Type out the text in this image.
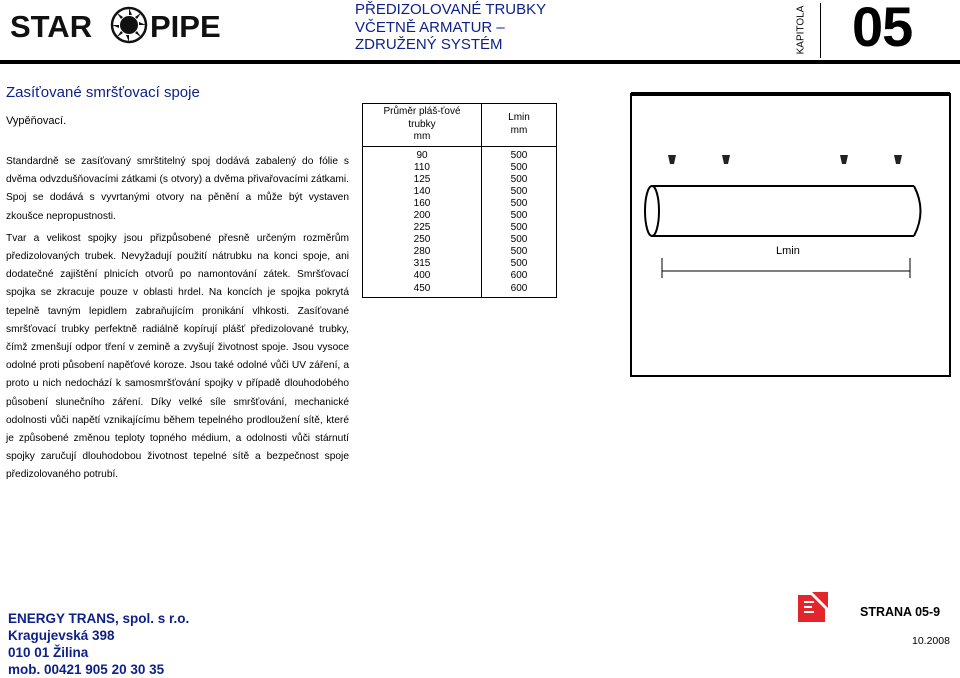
STAR PIPE	PŘEDIZOLOVANÉ TRUBKY
VČETNĚ ARMATUR –
ZDRUŽENÝ SYSTÉM	KAPITOLA 05
Zasíťované smršťovací spoje
Vypěňovací.

Standardně se zasíťovaný smrštitelný spoj dodává zabalený do fólie s dvěma odvzdušňovacími zátkami (s otvory) a dvěma přivařovacími zátkami. Spoj se dodává s vyvrtanými otvory na pěnění a může být vystaven zkoušce nepropustnosti.

Tvar a velikost spojky jsou přizpůsobené přesně určeným rozměrům předizolovaných trubek. Nevyžadují použití nátrubku na konci spoje, ani dodatečné zajištění plnicích otvorů po namontování zátek. Smršťovací spojka se zkracuje pouze v oblasti hrdel. Na koncích je spojka pokrytá tepelně tavným lepidlem zabraňujícím pronikání vlhkosti. Zasíťované smršťovací trubky perfektně radiálně kopírují plášť předizolované trubky, čímž zmenšují odpor tření v zemině a zvyšují životnost spoje. Jsou vysoce odolné proti působení napěťové koroze. Jsou také odolné vůči UV záření, a proto u nich nedochází k samosmršťování spojky v případě dlouhodobého působení slunečního záření. Díky velké síle smršťování, mechanické odolnosti vůči napětí vznikajícímu během tepelného prodloužení sítě, které je způsobené změnou teploty topného médium, a odolnosti vůči stárnutí spojky zaručují dlouhodobou životnost tepelné sítě a bezpečnost spoje předizolovaného potrubí.

Průměr pláš-ťové
trubky
mm	Lmin
mm
90	500
110	500
125	500
140	500
160	500
200	500
225	500
250	500
280	500
315	500
400	600
450	600
Lmin
ENERGY TRANS, spol. s r.o.
Kragujevská 398
010 01 Žilina
mob. 00421 905 20 30 35
STRANA 05-9
10.2008
